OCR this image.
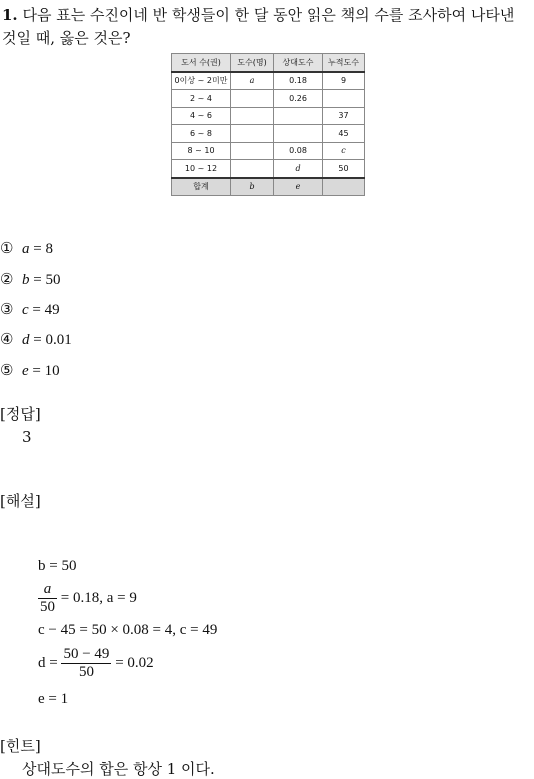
1. 다음 표는 수진이네 반 학생들이 한 달 동안 읽은 책의 수를 조사하여 나타낸 것일 때, 옳은 것은?
도서 수(권)	도수(명)	상대도수	누적도수
0이상 ~ 2미만	a	0.18	9
2 ~ 4		0.26	
4 ~ 6			37
6 ~ 8			45
8 ~ 10		0.08	c
10 ~ 12		d	50
합계	b	e	
① a = 8
② b = 50
③ c = 49
④ d = 0.01
⑤ e = 10
[정답]
3
[해설]
b = 50
$\frac{a}{50} = 0.18$, a = 9
c − 45 = 50 × 0.08 = 4, c = 49
$d = \frac{50 - 49}{50} = 0.02$
e = 1
[힌트]
상대도수의 합은 항상 1 이다.
